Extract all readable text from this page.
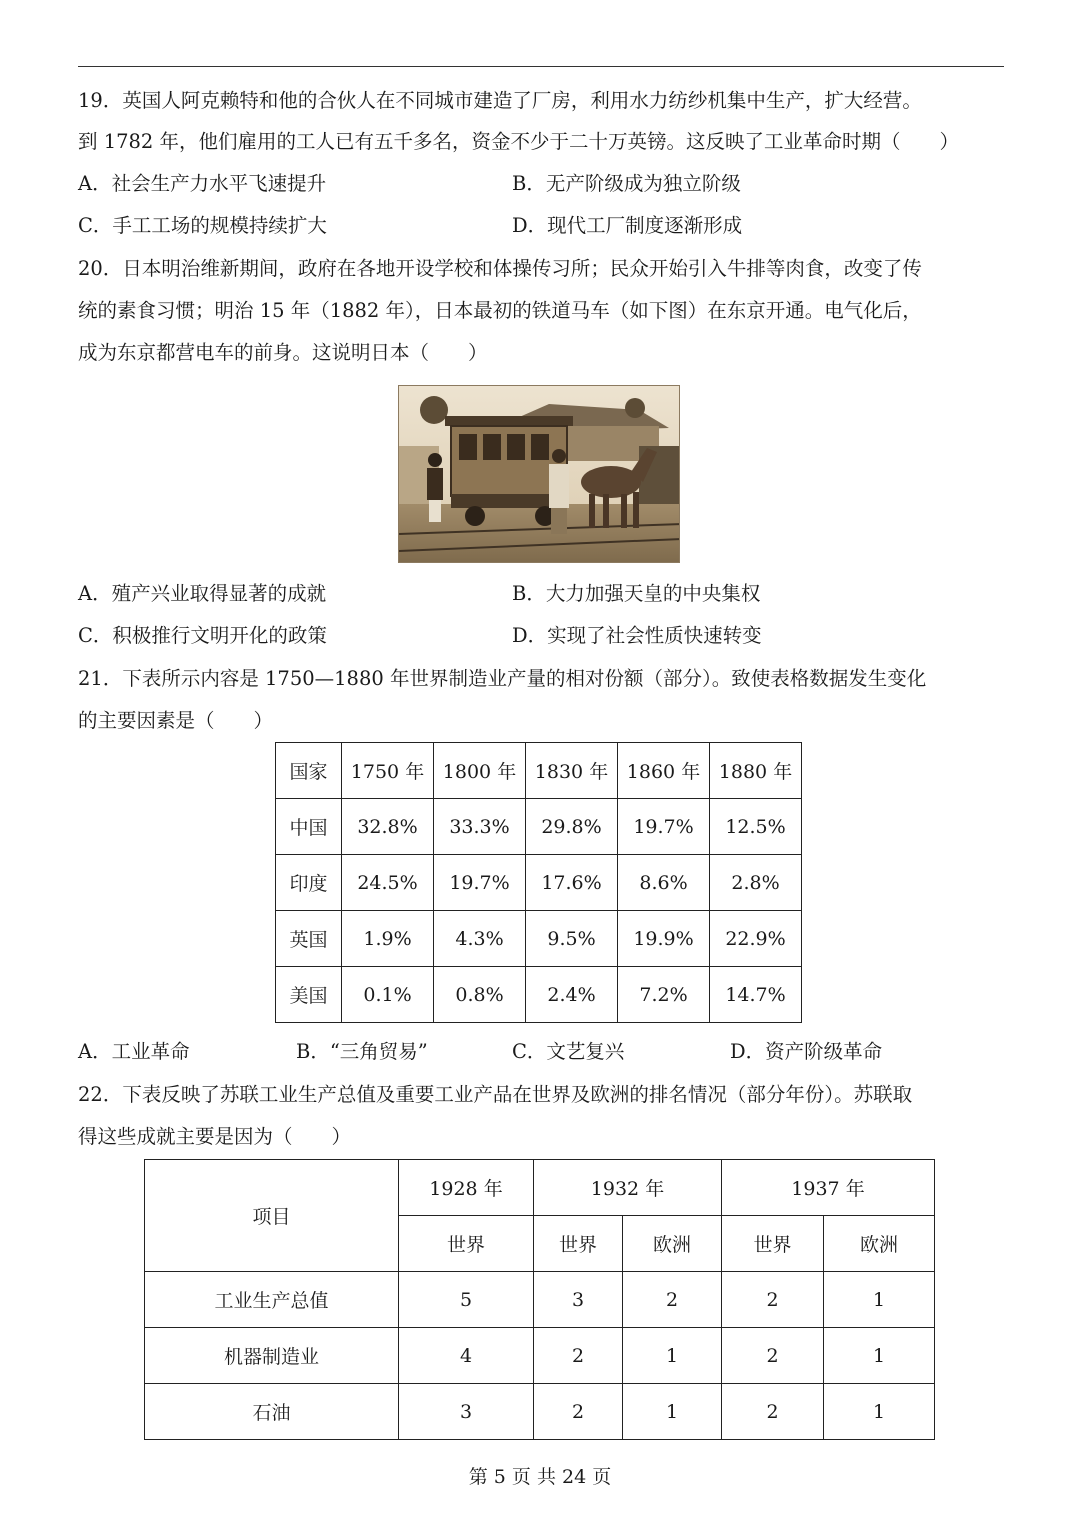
19．英国人阿克赖特和他的合伙人在不同城市建造了厂房，利用水力纺纱机集中生产，扩大经营。
到 1782 年，他们雇用的工人已有五千多名，资金不少于二十万英镑。这反映了工业革命时期（　　）
A．社会生产力水平飞速提升	B．无产阶级成为独立阶级
C．手工工场的规模持续扩大	D．现代工厂制度逐渐形成
20．日本明治维新期间，政府在各地开设学校和体操传习所；民众开始引入牛排等肉食，改变了传
统的素食习惯；明治 15 年（1882 年），日本最初的铁道马车（如下图）在东京开通。电气化后，
成为东京都营电车的前身。这说明日本（　　）
A．殖产兴业取得显著的成就	B．大力加强天皇的中央集权
C．积极推行文明开化的政策	D．实现了社会性质快速转变
21．下表所示内容是 1750—1880 年世界制造业产量的相对份额（部分）。致使表格数据发生变化
的主要因素是（　　）
国家	1750 年	1800 年	1830 年	1860 年	1880 年
中国	32.8%	33.3%	29.8%	19.7%	12.5%
印度	24.5%	19.7%	17.6%	8.6%	2.8%
英国	1.9%	4.3%	9.5%	19.9%	22.9%
美国	0.1%	0.8%	2.4%	7.2%	14.7%
A．工业革命	B．“三角贸易”	C．文艺复兴	D．资产阶级革命
22．下表反映了苏联工业生产总值及重要工业产品在世界及欧洲的排名情况（部分年份）。苏联取
得这些成就主要是因为（　　）
项目	1928 年	1932 年		1937 年	
	世界	世界	欧洲	世界	欧洲
工业生产总值	5	3	2	2	1
机器制造业	4	2	1	2	1
石油	3	2	1	2	1
第 5 页 共 24 页
